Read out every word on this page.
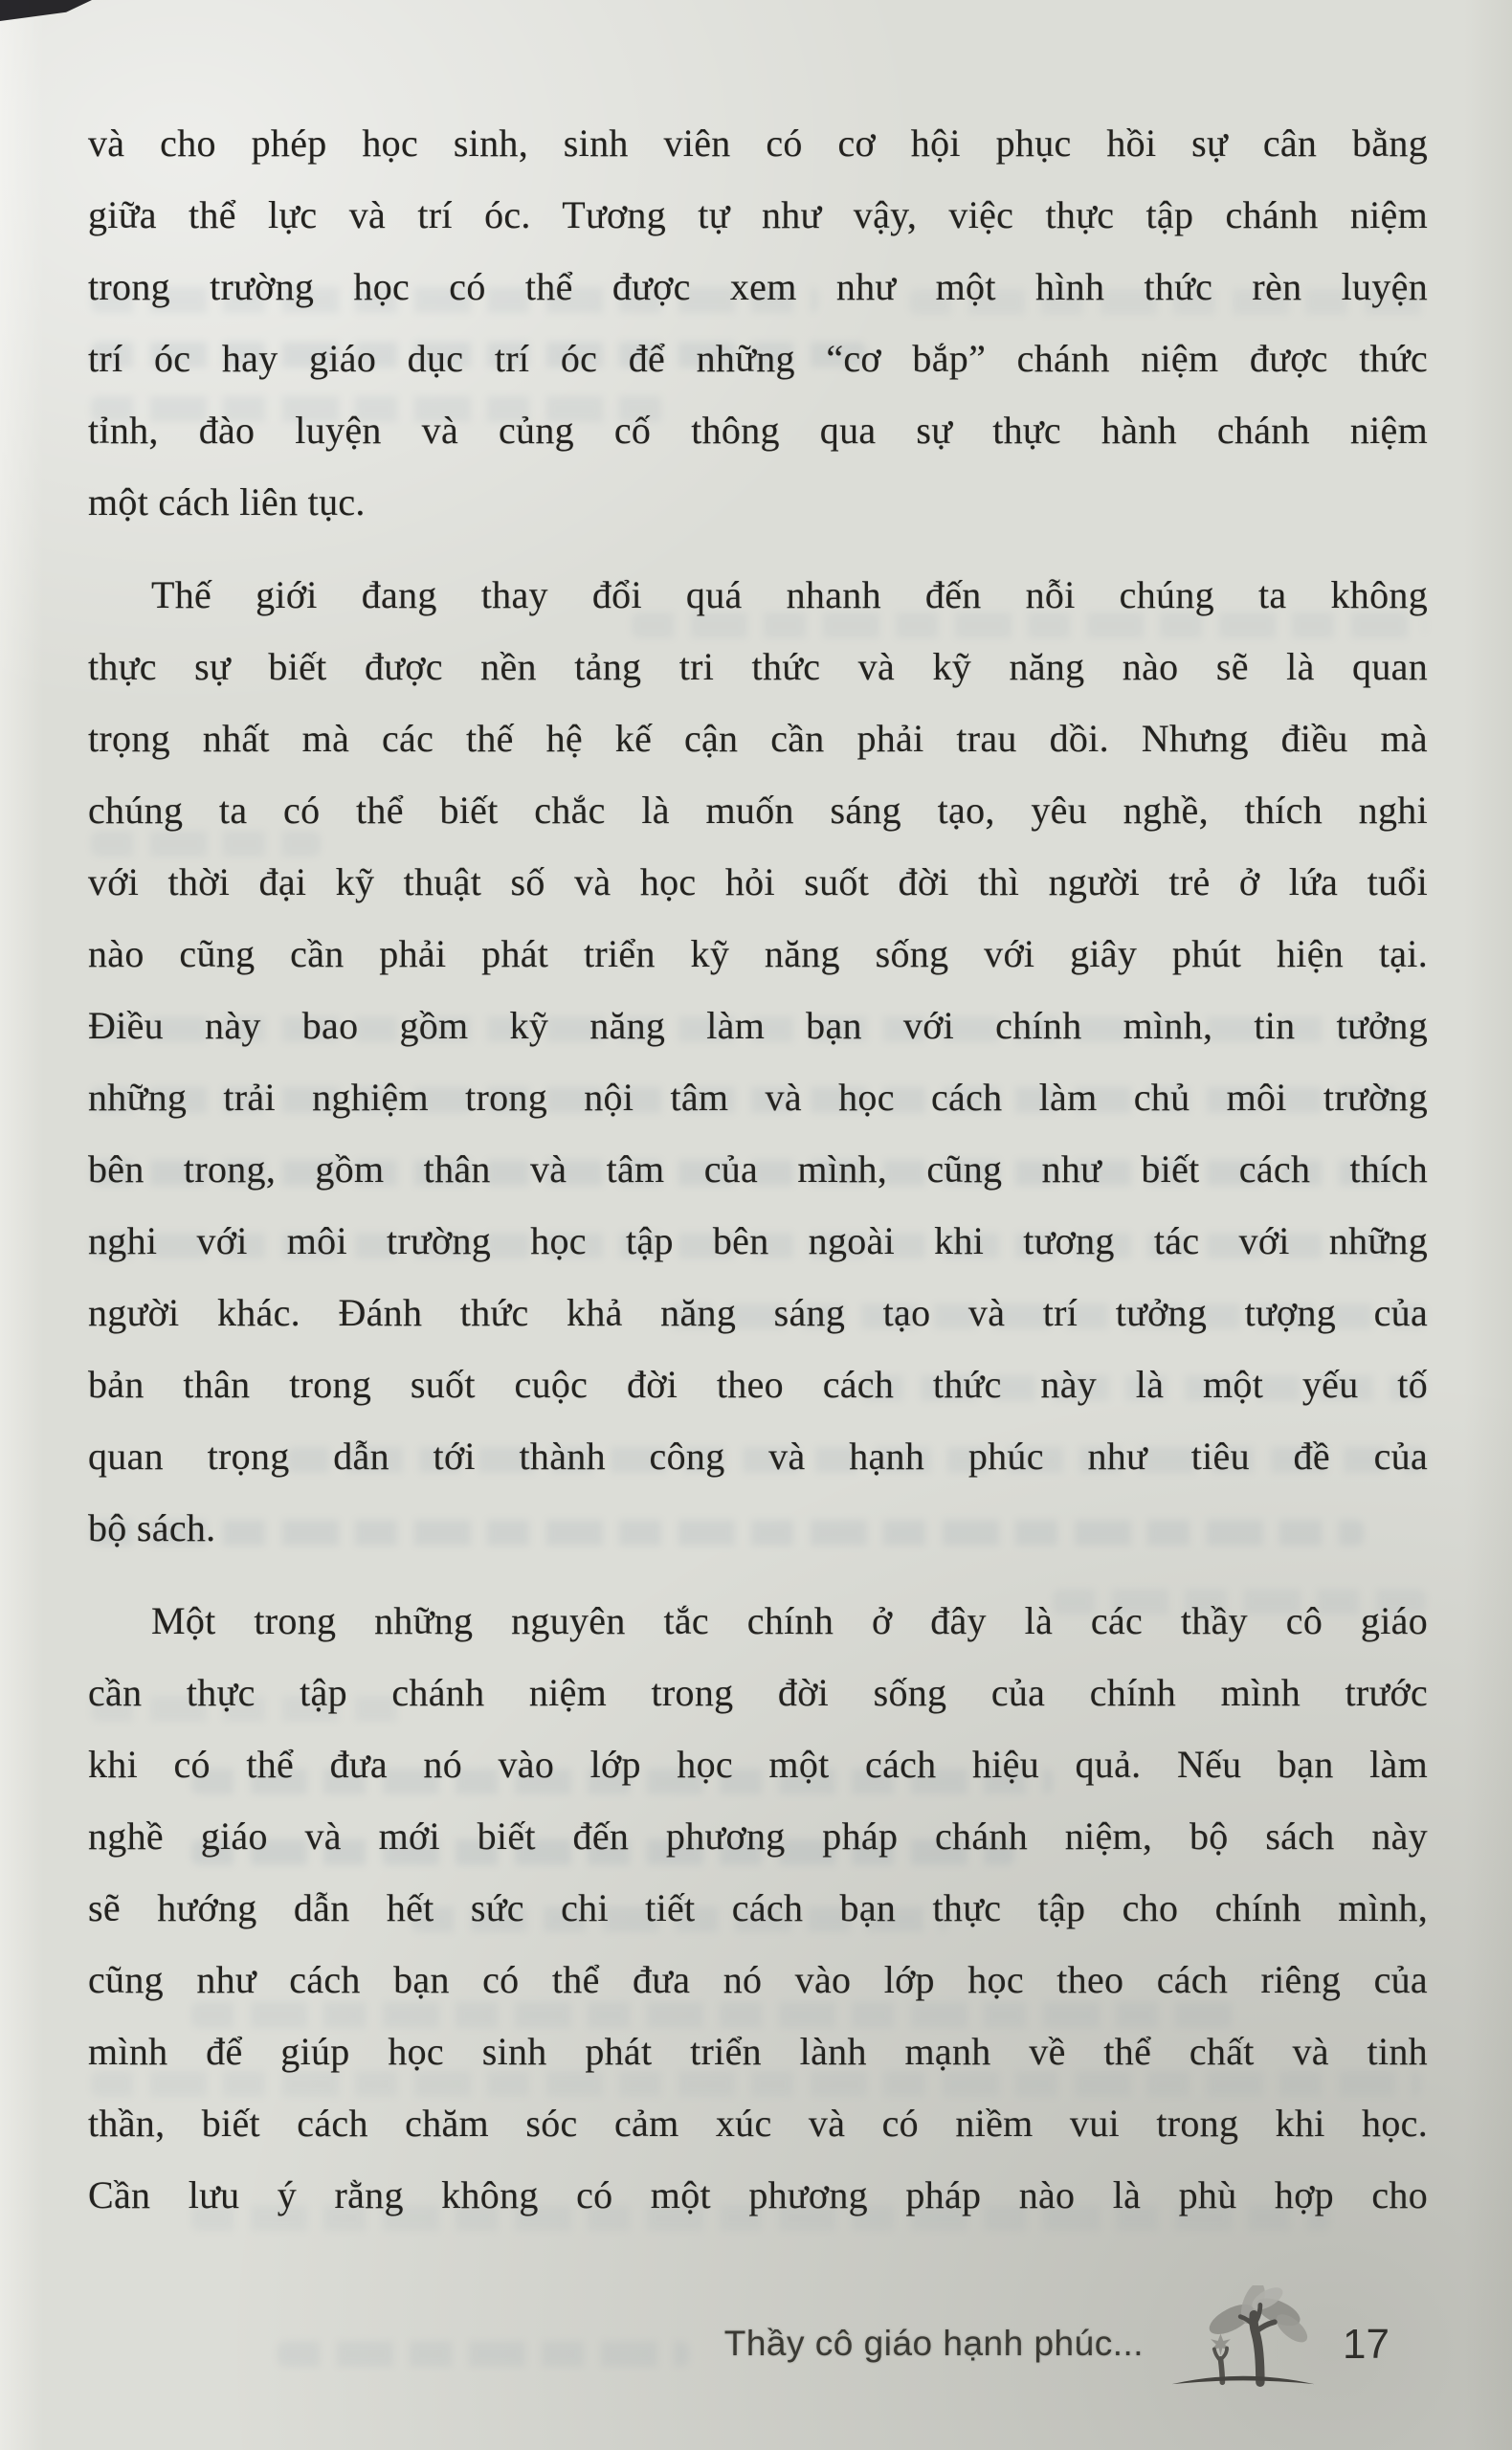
và cho phép học sinh, sinh viên có cơ hội phục hồi sự cân bằng
giữa thể lực và trí óc. Tương tự như vậy, việc thực tập chánh niệm
trong trường học có thể được xem như một hình thức rèn luyện
trí óc hay giáo dục trí óc để những “cơ bắp” chánh niệm được thức
tỉnh, đào luyện và củng cố thông qua sự thực hành chánh niệm
một cách liên tục.
Thế giới đang thay đổi quá nhanh đến nỗi chúng ta không
thực sự biết được nền tảng tri thức và kỹ năng nào sẽ là quan
trọng nhất mà các thế hệ kế cận cần phải trau dồi. Nhưng điều mà
chúng ta có thể biết chắc là muốn sáng tạo, yêu nghề, thích nghi
với thời đại kỹ thuật số và học hỏi suốt đời thì người trẻ ở lứa tuổi
nào cũng cần phải phát triển kỹ năng sống với giây phút hiện tại.
Điều này bao gồm kỹ năng làm bạn với chính mình, tin tưởng
những trải nghiệm trong nội tâm và học cách làm chủ môi trường
bên trong, gồm thân và tâm của mình, cũng như biết cách thích
nghi với môi trường học tập bên ngoài khi tương tác với những
người khác. Đánh thức khả năng sáng tạo và trí tưởng tượng của
bản thân trong suốt cuộc đời theo cách thức này là một yếu tố
quan trọng dẫn tới thành công và hạnh phúc như tiêu đề của
bộ sách.
Một trong những nguyên tắc chính ở đây là các thầy cô giáo
cần thực tập chánh niệm trong đời sống của chính mình trước
khi có thể đưa nó vào lớp học một cách hiệu quả. Nếu bạn làm
nghề giáo và mới biết đến phương pháp chánh niệm, bộ sách này
sẽ hướng dẫn hết sức chi tiết cách bạn thực tập cho chính mình,
cũng như cách bạn có thể đưa nó vào lớp học theo cách riêng của
mình để giúp học sinh phát triển lành mạnh về thể chất và tinh
thần, biết cách chăm sóc cảm xúc và có niềm vui trong khi học.
Cần lưu ý rằng không có một phương pháp nào là phù hợp cho
Thầy cô giáo hạnh phúc...	17
